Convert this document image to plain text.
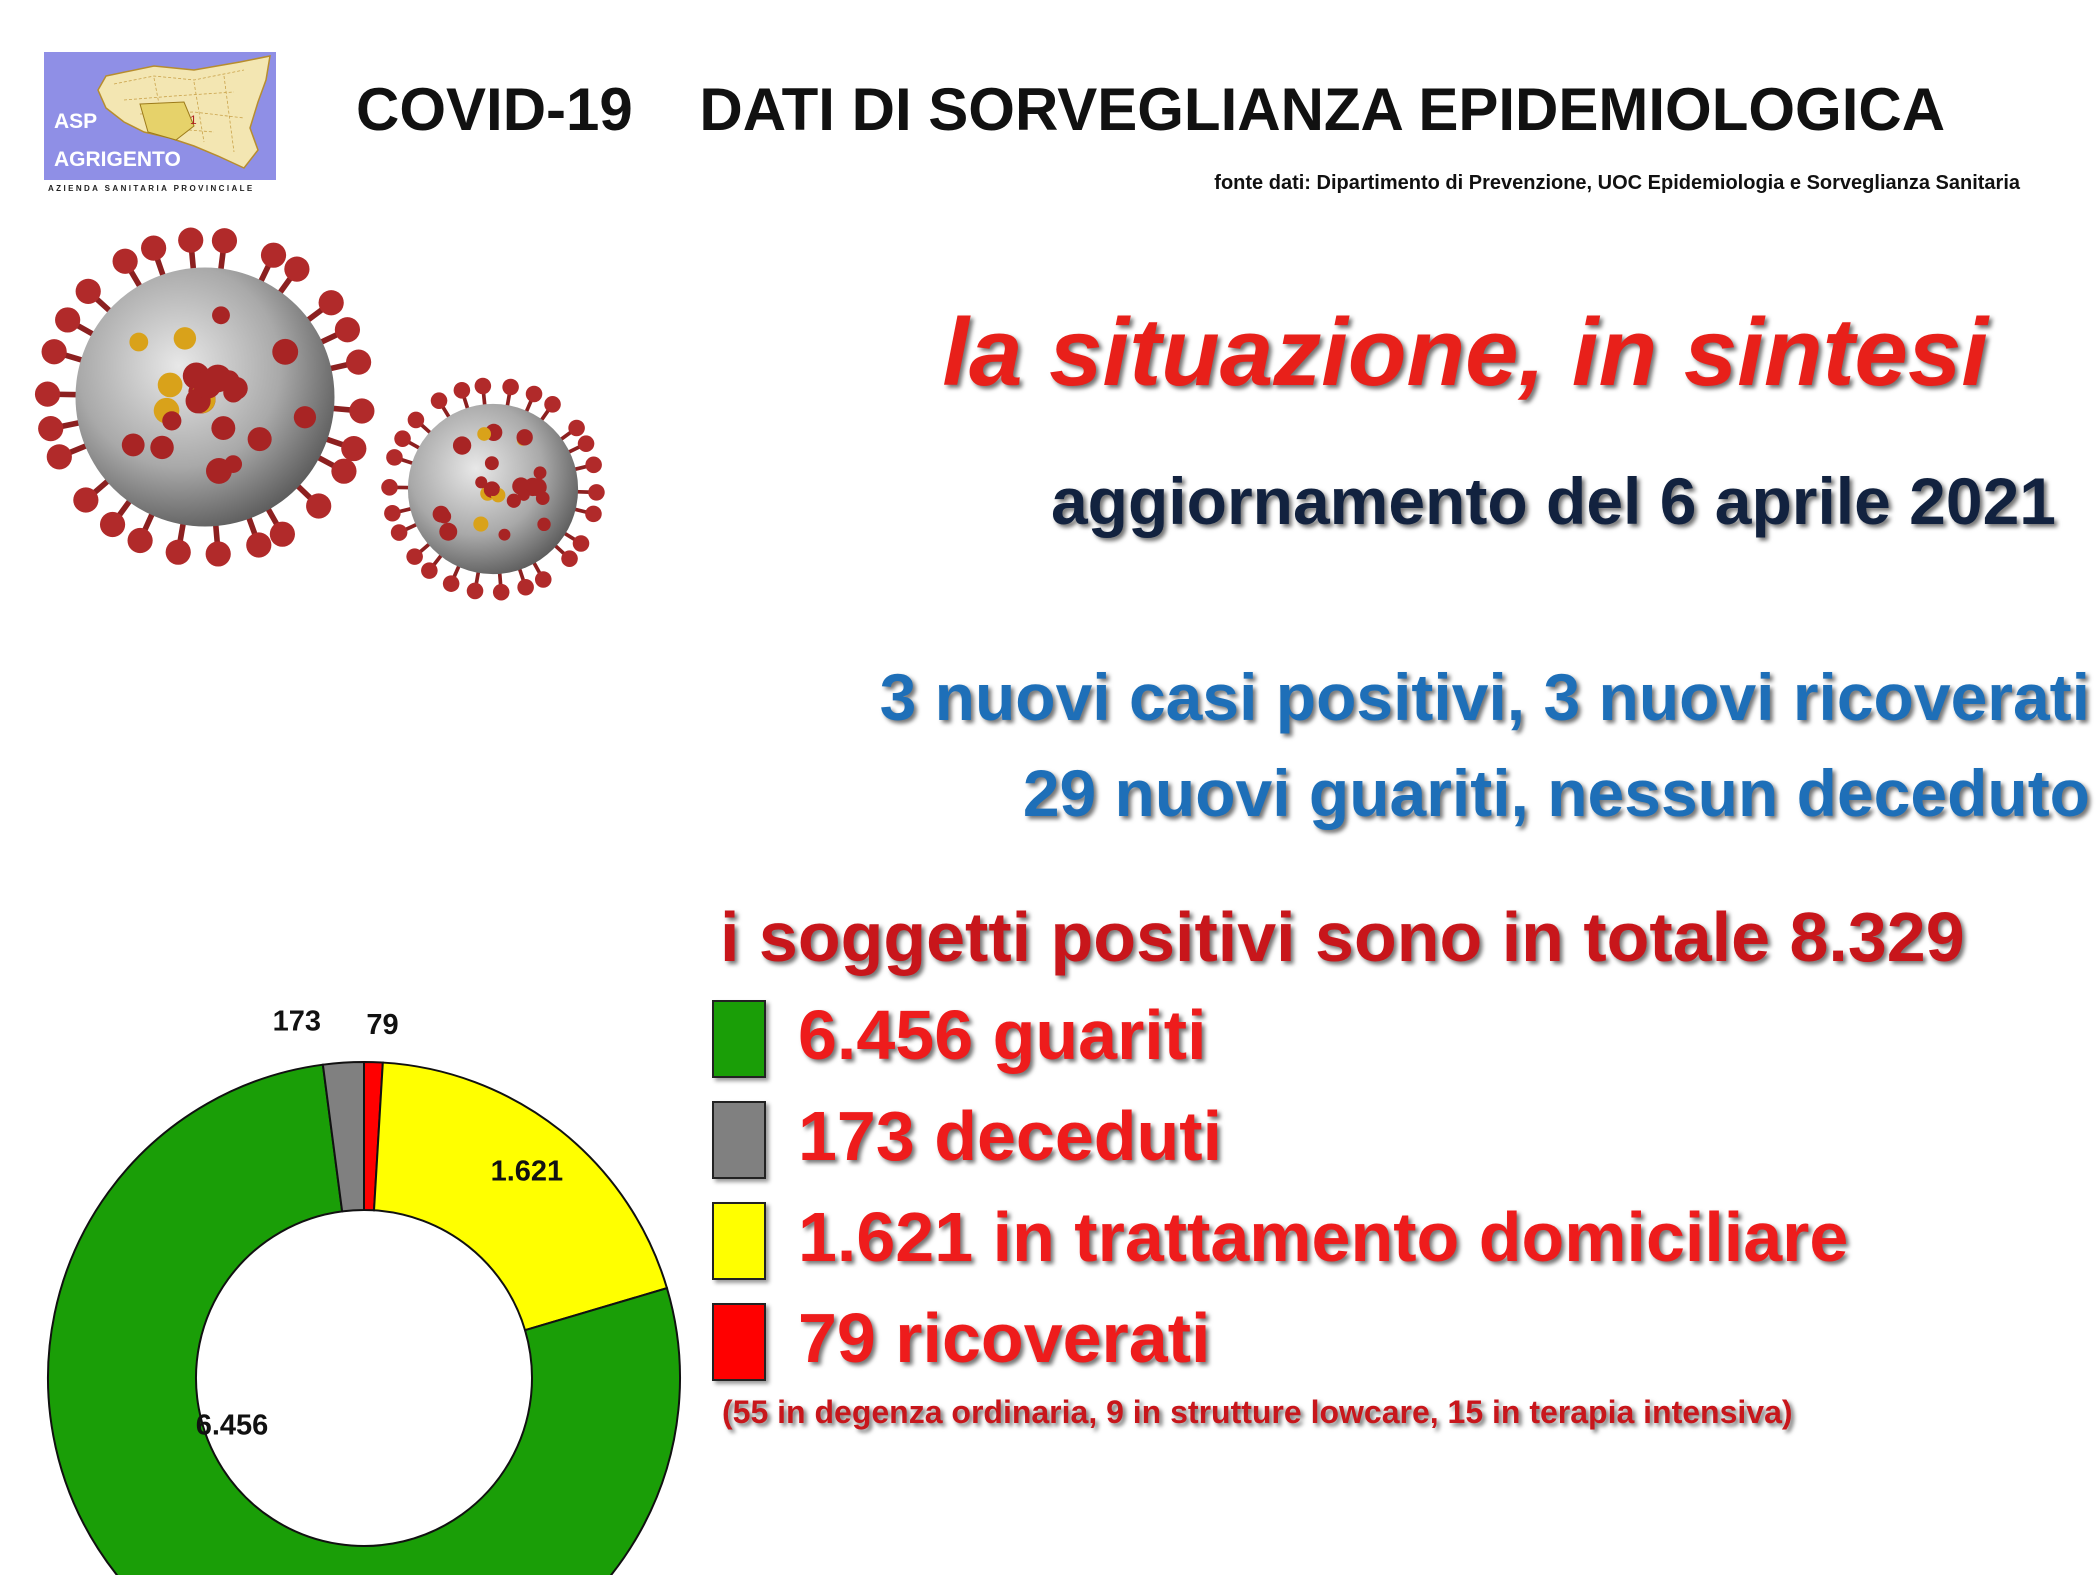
1
ASP
AGRIGENTO
AZIENDA SANITARIA PROVINCIALE
COVID-19    DATI DI SORVEGLIANZA EPIDEMIOLOGICA
fonte dati: Dipartimento di Prevenzione, UOC Epidemiologia e Sorveglianza Sanitaria
la situazione, in sintesi
aggiornamento del 6 aprile 2021
3 nuovi casi positivi, 3 nuovi ricoverati
29 nuovi guariti, nessun deceduto
i soggetti positivi sono in totale 8.329
6.456 guariti
173 deceduti
1.621 in trattamento domiciliare
79 ricoverati
(55 in degenza ordinaria, 9 in strutture lowcare, 15 in terapia intensiva)
6.456
1.621
173 79
